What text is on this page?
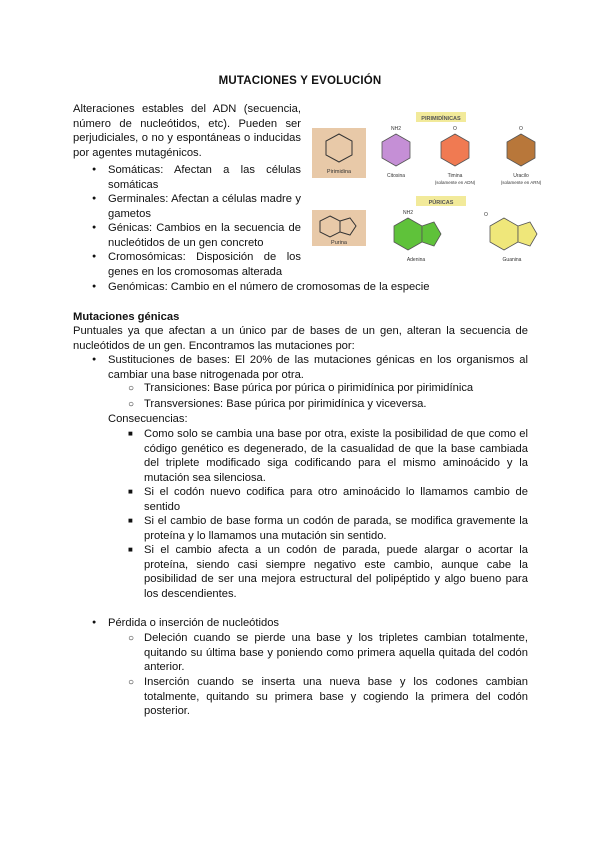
MUTACIONES Y EVOLUCIÓN

Alteraciones estables del ADN (secuencia, número de nucleótidos, etc). Pueden ser perjudiciales, o no y espontáneas o inducidas por agentes mutagénicos.

●

Somáticas: Afectan a las células somáticas

●

Germinales: Afectan a células madre y gametos

●

Génicas: Cambios en la secuencia de nucleótidos de un gen concreto

●

Cromosómicas: Disposición de los genes en los cromosomas alterada

●

Genómicas: Cambio en el número de cromosomas de la especie

Pirimidina
PIRIMIDÍNICAS
NH2
Citosina
O
Timina
(solamente en ADN)
O
Uracilo
(solamente en ARN)
Purina
PÚRICAS
NH2
Adenina
O
Guanina

Mutaciones génicas

Puntuales ya que afectan a un único par de bases de un gen, alteran la secuencia de nucleótidos de un gen. Encontramos las mutaciones por:

●

Sustituciones de bases: El 20% de las mutaciones génicas en los organismos al cambiar una base nitrogenada por otra.

○

Transiciones: Base púrica por púrica o pirimidínica por pirimidínica

○

Transversiones: Base púrica por pirimidínica y viceversa.

Consecuencias:

■

Como solo se cambia una base por otra, existe la posibilidad de que como el código genético es degenerado, de la casualidad de que la base cambiada del triplete modificado siga codificando para el mismo aminoácido y la mutación sea silenciosa.

■

Si el codón nuevo codifica para otro aminoácido lo llamamos cambio de sentido

■

Si el cambio de base forma un codón de parada, se modifica gravemente la proteína y lo llamamos una mutación sin sentido.

■

Si el cambio afecta a un codón de parada, puede alargar o acortar la proteína, siendo casi siempre negativo este cambio, aunque cabe la posibilidad de ser una mejora estructural del polipéptido y algo bueno para los descendientes.

●

Pérdida o inserción de nucleótidos

○

Deleción cuando se pierde una base y los tripletes cambian totalmente, quitando su última base y poniendo como primera aquella quitada del codón anterior.

○

Inserción cuando se inserta una nueva base y los codones cambian totalmente, quitando su primera base y cogiendo la primera del codón posterior.
